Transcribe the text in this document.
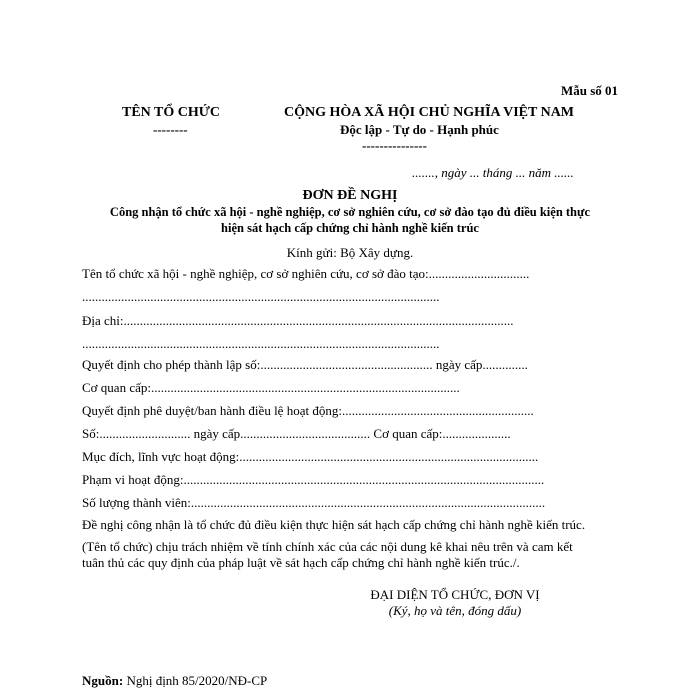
Mẫu số 01
TÊN TỔ CHỨC
--------
CỘNG HÒA XÃ HỘI CHỦ NGHĨA VIỆT NAM
Độc lập - Tự do - Hạnh phúc
---------------
......., ngày ... tháng ... năm ......
ĐƠN ĐỀ NGHỊ
Công nhận tổ chức xã hội - nghề nghiệp, cơ sở nghiên cứu, cơ sở đào tạo đủ điều kiện thực
hiện sát hạch cấp chứng chỉ hành nghề kiến trúc
Kính gửi: Bộ Xây dựng.
Tên tổ chức xã hội - nghề nghiệp, cơ sở nghiên cứu, cơ sở đào tạo:...............................
..............................................................................................................
Địa chỉ:........................................................................................................................
..............................................................................................................
Quyết định cho phép thành lập số:..................................................... ngày cấp..............
Cơ quan cấp:...............................................................................................
Quyết định phê duyệt/ban hành điều lệ hoạt động:...........................................................
Số:............................ ngày cấp........................................ Cơ quan cấp:.....................
Mục đích, lĩnh vực hoạt động:............................................................................................
Phạm vi hoạt động:...............................................................................................................
Số lượng thành viên:.............................................................................................................
Đề nghị công nhận là tổ chức đủ điều kiện thực hiện sát hạch cấp chứng chỉ hành nghề kiến trúc.
(Tên tổ chức) chịu trách nhiệm về tính chính xác của các nội dung kê khai nêu trên và cam kết
tuân thủ các quy định của pháp luật về sát hạch cấp chứng chỉ hành nghề kiến trúc./.
ĐẠI DIỆN TỔ CHỨC, ĐƠN VỊ
(Ký, họ và tên, đóng dấu)
Nguồn: Nghị định 85/2020/NĐ-CP
